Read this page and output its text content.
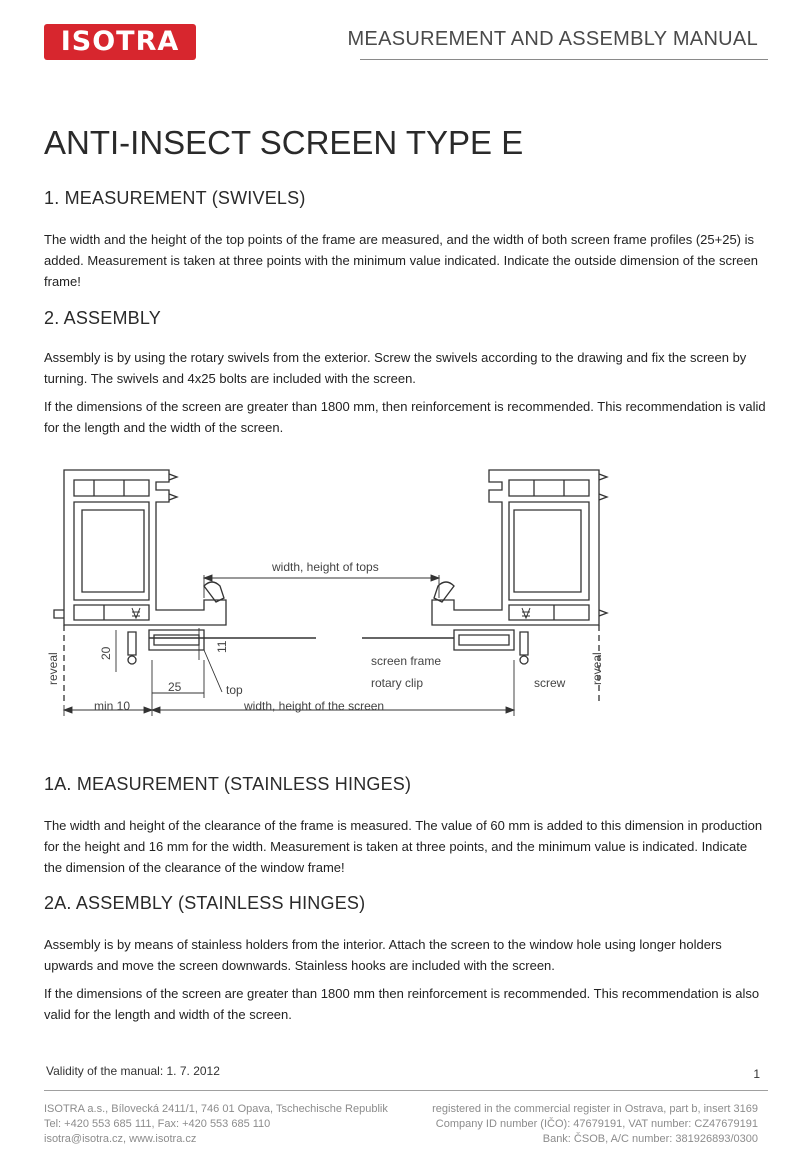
ISOTRA	MEASUREMENT AND ASSEMBLY MANUAL
ANTI-INSECT SCREEN TYPE E
1. MEASUREMENT (SWIVELS)

The width and the height of the top points of the frame are measured, and the width of both screen frame profiles (25+25) is added. Measurement is taken at three points with the minimum value indicated. Indicate the outside dimension of the screen frame!

2. ASSEMBLY

Assembly is by using the rotary swivels from the exterior. Screw the swivels according to the drawing and fix the screen by turning. The swivels and 4x25 bolts are included with the screen.

If the dimensions of the screen are greater than 1800 mm, then reinforcement is recommended. This recommendation is valid for the length and the width of the screen.

width, height of tops
width, height of the screen
screen frame
rotary clip	screw
reveal	reveal
20	11
25	top
min 10
1A. MEASUREMENT (STAINLESS HINGES)

The width and height of the clearance of the frame is measured. The value of 60 mm is added to this dimension in production for the height and 16 mm for the width. Measurement is taken at three points, and the minimum value is indicated. Indicate the dimension of the clearance of the window frame!

2A. ASSEMBLY (STAINLESS HINGES)

Assembly is by means of stainless holders from the interior. Attach the screen to the window hole using longer holders upwards and move the screen downwards. Stainless hooks are included with the screen.

If the dimensions of the screen are greater than 1800 mm then reinforcement is recommended. This recommendation is also valid for the length and width of the screen.

Validity of the manual: 1. 7. 2012	1
ISOTRA a.s., Bílovecká 2411/1, 746 01 Opava, Tschechische Republik
Tel: +420 553 685 111, Fax: +420 553 685 110
isotra@isotra.cz, www.isotra.cz
registered in the commercial register in Ostrava, part b, insert 3169
Company ID number (IČO): 47679191, VAT number: CZ47679191
Bank: ČSOB, A/C number: 381926893/0300
